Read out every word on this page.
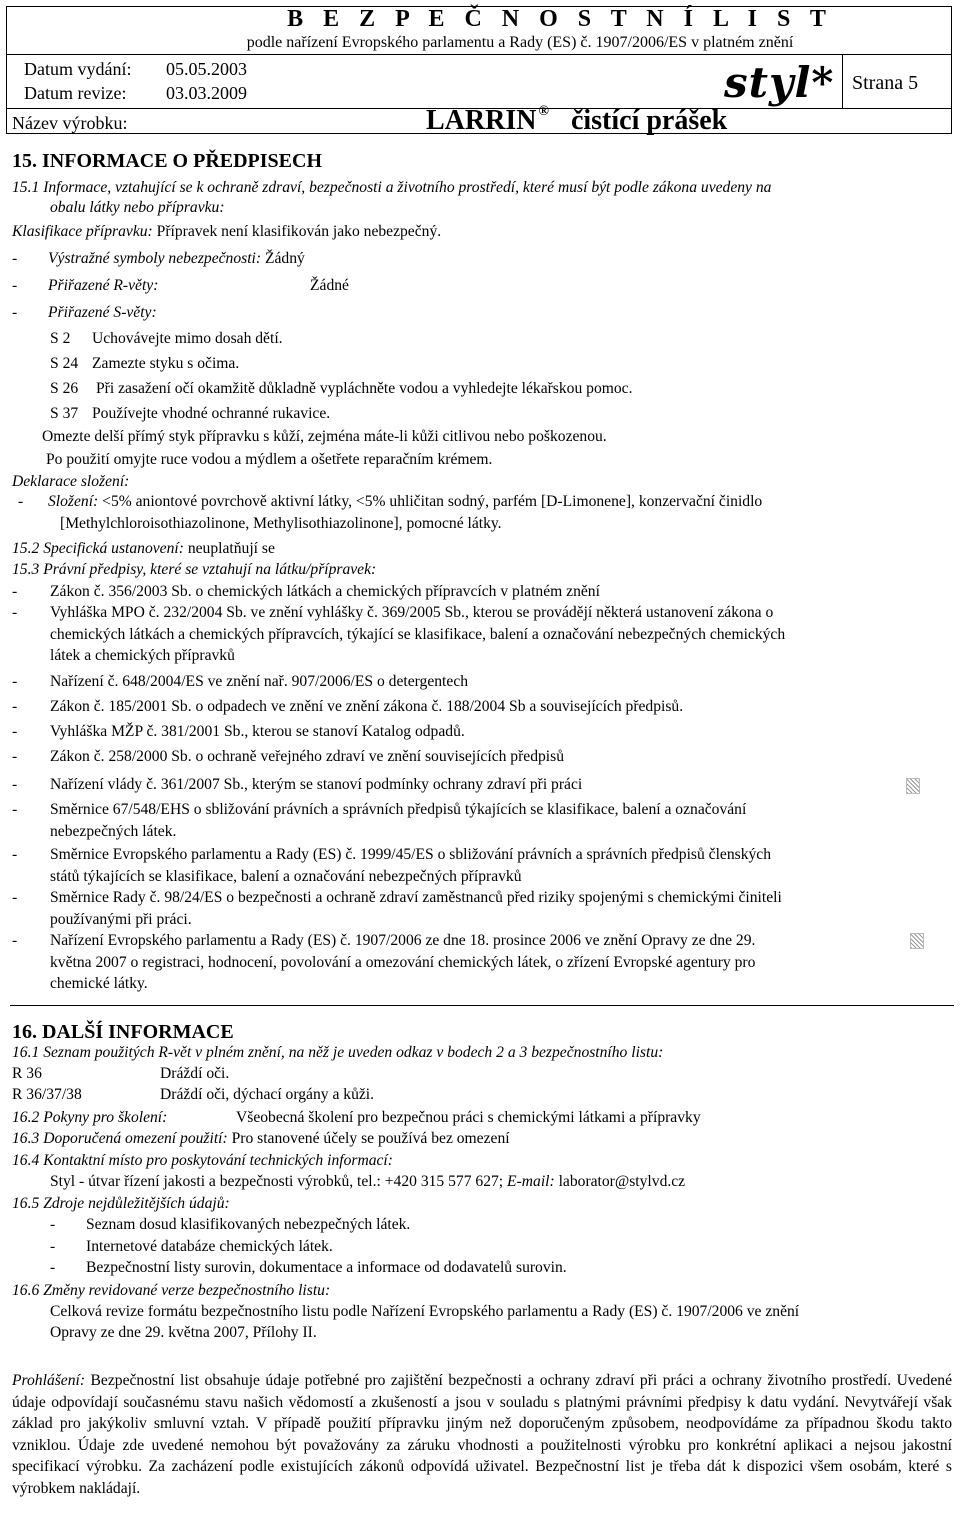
B E Z P E Č N O S T N Í L I S T
podle nařízení Evropského parlamentu a Rady (ES) č. 1907/2006/ES v platném znění
Datum vydání: 05.05.2003
Datum revize: 03.03.2009	styl* Strana 5
Název výrobku:	LARRIN ® čistící prášek
15. INFORMACE O PŘEDPISECH
15.1 Informace, vztahující se k ochraně zdraví, bezpečnosti a životního prostředí, které musí být podle zákona uvedeny na
obalu látky nebo přípravku:
Klasifikace přípravku: Přípravek není klasifikován jako nebezpečný.
- Výstražné symboly nebezpečnosti: Žádný
- Přiřazené R-věty:	Žádné
- Přiřazené S-věty:
S 2 Uchovávejte mimo dosah dětí.
S 24 Zamezte styku s očima.
S 26 Při zasažení očí okamžitě důkladně vypláchněte vodou a vyhledejte lékařskou pomoc.
S 37 Používejte vhodné ochranné rukavice.
Omezte delší přímý styk přípravku s kůží, zejména máte-li kůži citlivou nebo poškozenou.
Po použití omyjte ruce vodou a mýdlem a ošetřete reparačním krémem.
Deklarace složení:
- Složení: <5% aniontové povrchově aktivní látky, <5% uhličitan sodný, parfém [D-Limonene], konzervační činidlo
[Methylchloroisothiazolinone, Methylisothiazolinone], pomocné látky.
15.2 Specifická ustanovení: neuplatňují se
15.3 Právní předpisy, které se vztahují na látku/přípravek:
Zákon č. 356/2003 Sb. o chemických látkách a chemických přípravcích v platném znění
-
Vyhláška MPO č. 232/2004 Sb. ve znění vyhlášky č. 369/2005 Sb., kterou se provádějí některá ustanovení zákona o
chemických látkách a chemických přípravcích, týkající se klasifikace, balení a označování nebezpečných chemických
látek a chemických přípravků
-
Nařízení č. 648/2004/ES ve znění nař. 907/2006/ES o detergentech
-
Zákon č. 185/2001 Sb. o odpadech ve znění ve znění zákona č. 188/2004 Sb a souvisejících předpisů.
-
Vyhláška MŽP č. 381/2001 Sb., kterou se stanoví Katalog odpadů.
-
Zákon č. 258/2000 Sb. o ochraně veřejného zdraví ve znění souvisejících předpisů
-
Nařízení vlády č. 361/2007 Sb., kterým se stanoví podmínky ochrany zdraví při práci
-
Směrnice 67/548/EHS o sbližování právních a správních předpisů týkajících se klasifikace, balení a označování
nebezpečných látek.
-
Směrnice Evropského parlamentu a Rady (ES) č. 1999/45/ES o sbližování právních a správních předpisů členských
států týkajících se klasifikace, balení a označování nebezpečných přípravků
-
Směrnice Rady č. 98/24/ES o bezpečnosti a ochraně zdraví zaměstnanců před riziky spojenými s chemickými činiteli
používanými při práci.
-
Nařízení Evropského parlamentu a Rady (ES) č. 1907/2006 ze dne 18. prosince 2006 ve znění Opravy ze dne 29.
května 2007 o registraci, hodnocení, povolování a omezování chemických látek, o zřízení Evropské agentury pro
chemické látky.
-
16. DALŠÍ INFORMACE
16.1 Seznam použitých R-vět v plném znění, na něž je uveden odkaz v bodech 2 a 3 bezpečnostního listu:
R 36	Dráždí oči.
R 36/37/38	Dráždí oči, dýchací orgány a kůži.
16.2 Pokyny pro školení:	Všeobecná školení pro bezpečnou práci s chemickými látkami a přípravky
16.3 Doporučená omezení použití: Pro stanovené účely se používá bez omezení
16.4 Kontaktní místo pro poskytování technických informací:
Styl - útvar řízení jakosti a bezpečnosti výrobků, tel.: +420 315 577 627; E-mail: laborator@stylvd.cz
16.5 Zdroje nejdůležitějších údajů:
- Seznam dosud klasifikovaných nebezpečných látek.
- Internetové databáze chemických látek.
- Bezpečnostní listy surovin, dokumentace a informace od dodavatelů surovin.
16.6 Změny revidované verze bezpečnostního listu:
Celková revize formátu bezpečnostního listu podle Nařízení Evropského parlamentu a Rady (ES) č. 1907/2006 ve znění
Opravy ze dne 29. května 2007, Přílohy II.
Prohlášení: Bezpečnostní list obsahuje údaje potřebné pro zajištění bezpečnosti a ochrany zdraví při práci a ochrany životního prostředí. Uvedené údaje odpovídají současnému stavu našich vědomostí a zkušeností a jsou v souladu s platnými právními předpisy k datu vydání. Nevytvářejí však základ pro jakýkoliv smluvní vztah. V případě použití přípravku jiným než doporučeným způsobem, neodpovídáme za případnou škodu takto vzniklou. Údaje zde uvedené nemohou být považovány za záruku vhodnosti a použitelnosti výrobku pro konkrétní aplikaci a nejsou jakostní specifikací výrobku. Za zacházení podle existujících zákonů odpovídá uživatel. Bezpečnostní list je třeba dát k dispozici všem osobám, které s výrobkem nakládají.
